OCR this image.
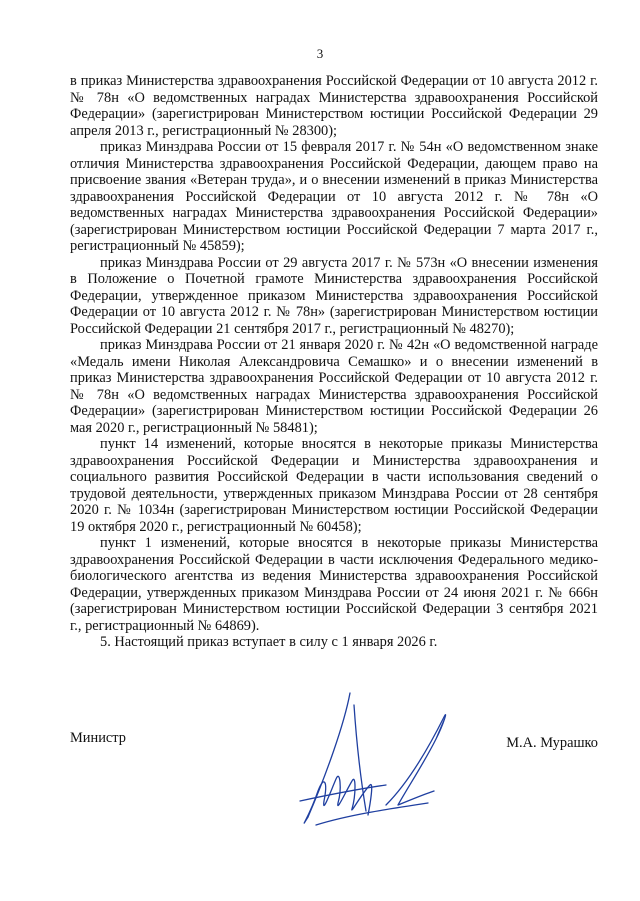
3

в приказ Министерства здравоохранения Российской Федерации от 10 августа 2012 г. № 78н «О ведомственных наградах Министерства здравоохранения Российской Федерации» (зарегистрирован Министерством юстиции Российской Федерации 29 апреля 2013 г., регистрационный № 28300);

приказ Минздрава России от 15 февраля 2017 г. № 54н «О ведомственном знаке отличия Министерства здравоохранения Российской Федерации, дающем право на присвоение звания «Ветеран труда», и о внесении изменений в приказ Министерства здравоохранения Российской Федерации от 10 августа 2012 г. № 78н «О ведомственных наградах Министерства здравоохранения Российской Федерации» (зарегистрирован Министерством юстиции Российской Федерации 7 марта 2017 г., регистрационный № 45859);

приказ Минздрава России от 29 августа 2017 г. № 573н «О внесении изменения в Положение о Почетной грамоте Министерства здравоохранения Российской Федерации, утвержденное приказом Министерства здравоохранения Российской Федерации от 10 августа 2012 г. № 78н» (зарегистрирован Министерством юстиции Российской Федерации 21 сентября 2017 г., регистрационный № 48270);

приказ Минздрава России от 21 января 2020 г. № 42н «О ведомственной награде «Медаль имени Николая Александровича Семашко» и о внесении изменений в приказ Министерства здравоохранения Российской Федерации от 10 августа 2012 г. № 78н «О ведомственных наградах Министерства здравоохранения Российской Федерации» (зарегистрирован Министерством юстиции Российской Федерации 26 мая 2020 г., регистрационный № 58481);

пункт 14 изменений, которые вносятся в некоторые приказы Министерства здравоохранения Российской Федерации и Министерства здравоохранения и социального развития Российской Федерации в части использования сведений о трудовой деятельности, утвержденных приказом Минздрава России от 28 сентября 2020 г. № 1034н (зарегистрирован Министерством юстиции Российской Федерации 19 октября 2020 г., регистрационный № 60458);

пункт 1 изменений, которые вносятся в некоторые приказы Министерства здравоохранения Российской Федерации в части исключения Федерального медико-биологического агентства из ведения Министерства здравоохранения Российской Федерации, утвержденных приказом Минздрава России от 24 июня 2021 г. № 666н (зарегистрирован Министерством юстиции Российской Федерации 3 сентября 2021 г., регистрационный № 64869).

5. Настоящий приказ вступает в силу с 1 января 2026 г.

Министр	М.А. Мурашко
